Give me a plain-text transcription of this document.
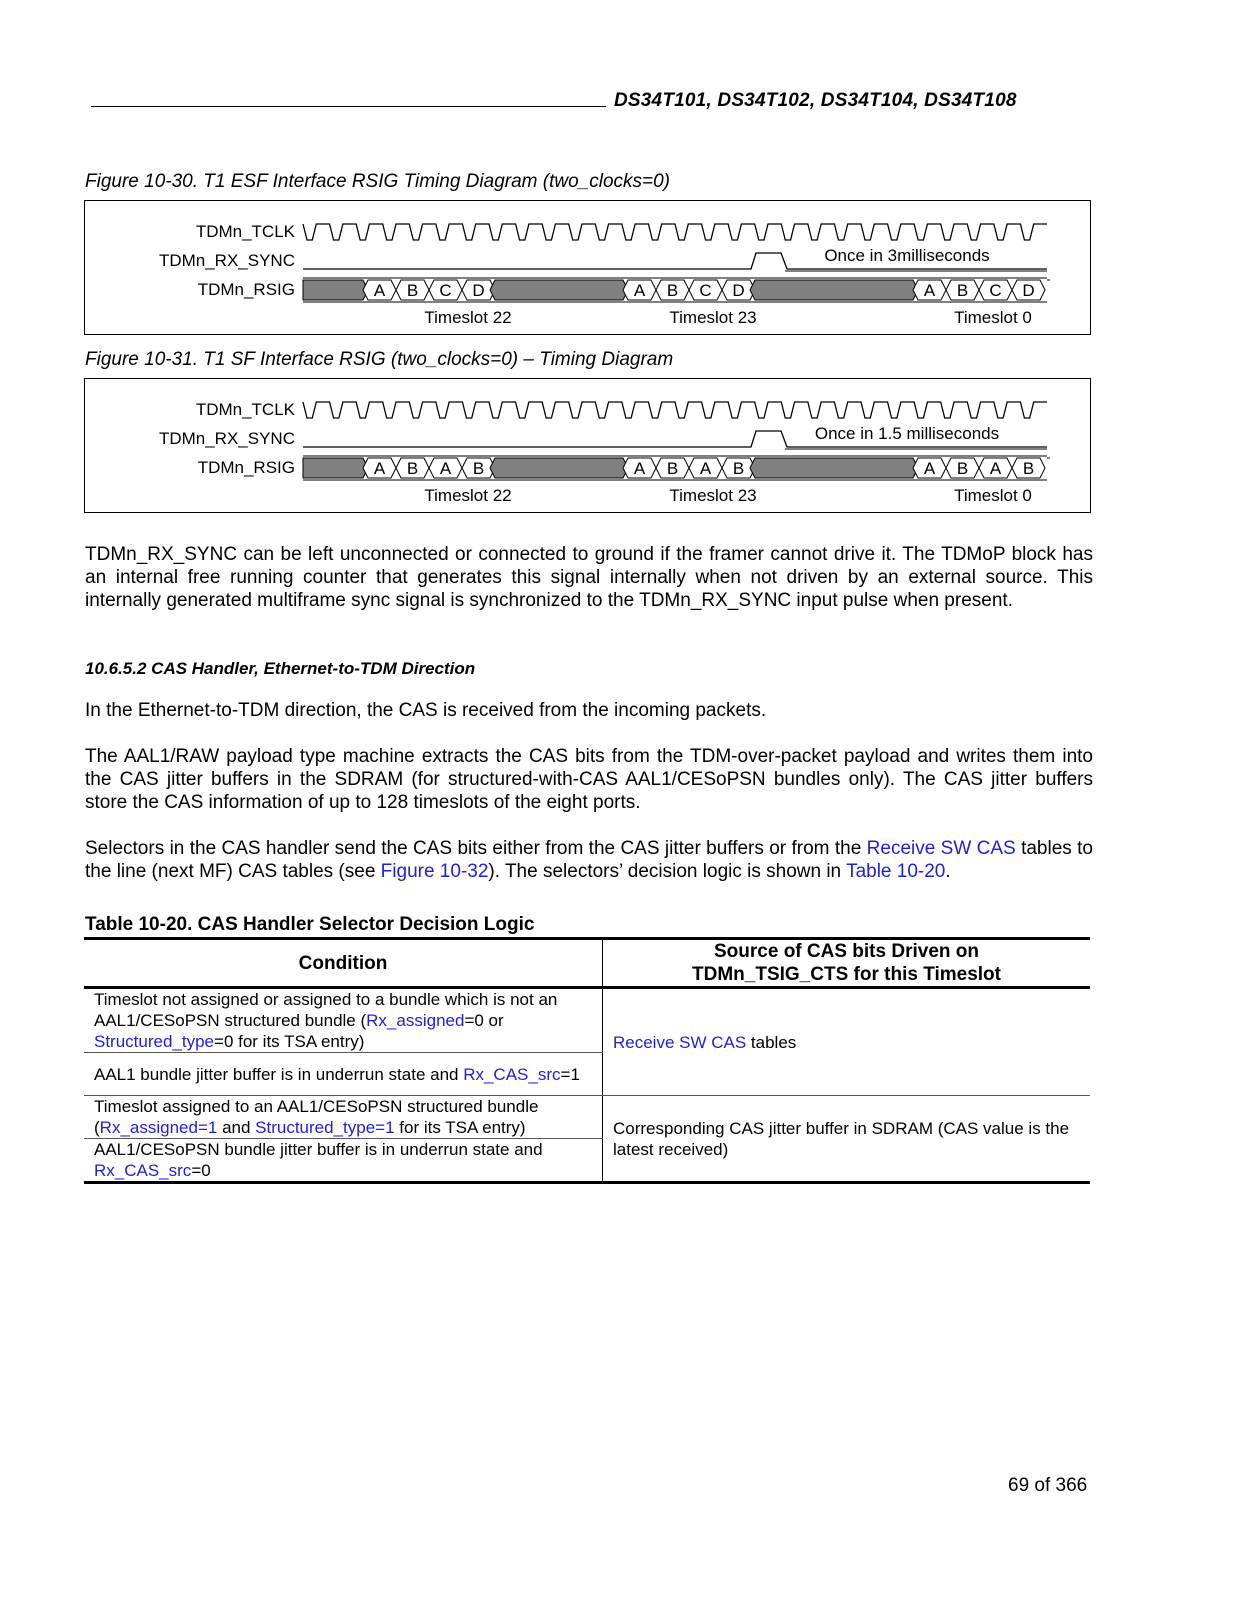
DS34T101, DS34T102, DS34T104, DS34T108
Figure 10-30. T1 ESF Interface RSIG Timing Diagram (two_clocks=0)
TDMn_TCLK
TDMn_RX_SYNC
TDMn_RSIG
Once in 3milliseconds
A B C D	A B C D	A B C D
Timeslot 22	Timeslot 23	Timeslot 0
Figure 10-31. T1 SF Interface RSIG (two_clocks=0) – Timing Diagram
TDMn_TCLK
TDMn_RX_SYNC
TDMn_RSIG
Once in 1.5 milliseconds
A B A B	A B A B	A B A B
Timeslot 22	Timeslot 23	Timeslot 0
TDMn_RX_SYNC can be left unconnected or connected to ground if the framer cannot drive it. The TDMoP block has an internal free running counter that generates this signal internally when not driven by an external source. This internally generated multiframe sync signal is synchronized to the TDMn_RX_SYNC input pulse when present.
10.6.5.2 CAS Handler, Ethernet-to-TDM Direction
In the Ethernet-to-TDM direction, the CAS is received from the incoming packets.
The AAL1/RAW payload type machine extracts the CAS bits from the TDM-over-packet payload and writes them into the CAS jitter buffers in the SDRAM (for structured-with-CAS AAL1/CESoPSN bundles only). The CAS jitter buffers store the CAS information of up to 128 timeslots of the eight ports.
Selectors in the CAS handler send the CAS bits either from the CAS jitter buffers or from the Receive SW CAS tables to the line (next MF) CAS tables (see Figure 10-32). The selectors’ decision logic is shown in Table 10-20.
Table 10-20. CAS Handler Selector Decision Logic
Condition	Source of CAS bits Driven on
TDMn_TSIG_CTS for this Timeslot
Timeslot not assigned or assigned to a bundle which is not an AAL1/CESoPSN structured bundle (Rx_assigned=0 or Structured_type=0 for its TSA entry)	Receive SW CAS tables
AAL1 bundle jitter buffer is in underrun state and Rx_CAS_src=1	
Timeslot assigned to an AAL1/CESoPSN structured bundle (Rx_assigned=1 and Structured_type=1 for its TSA entry)	Corresponding CAS jitter buffer in SDRAM (CAS value is the latest received)
AAL1/CESoPSN bundle jitter buffer is in underrun state and Rx_CAS_src=0	
69 of 366
